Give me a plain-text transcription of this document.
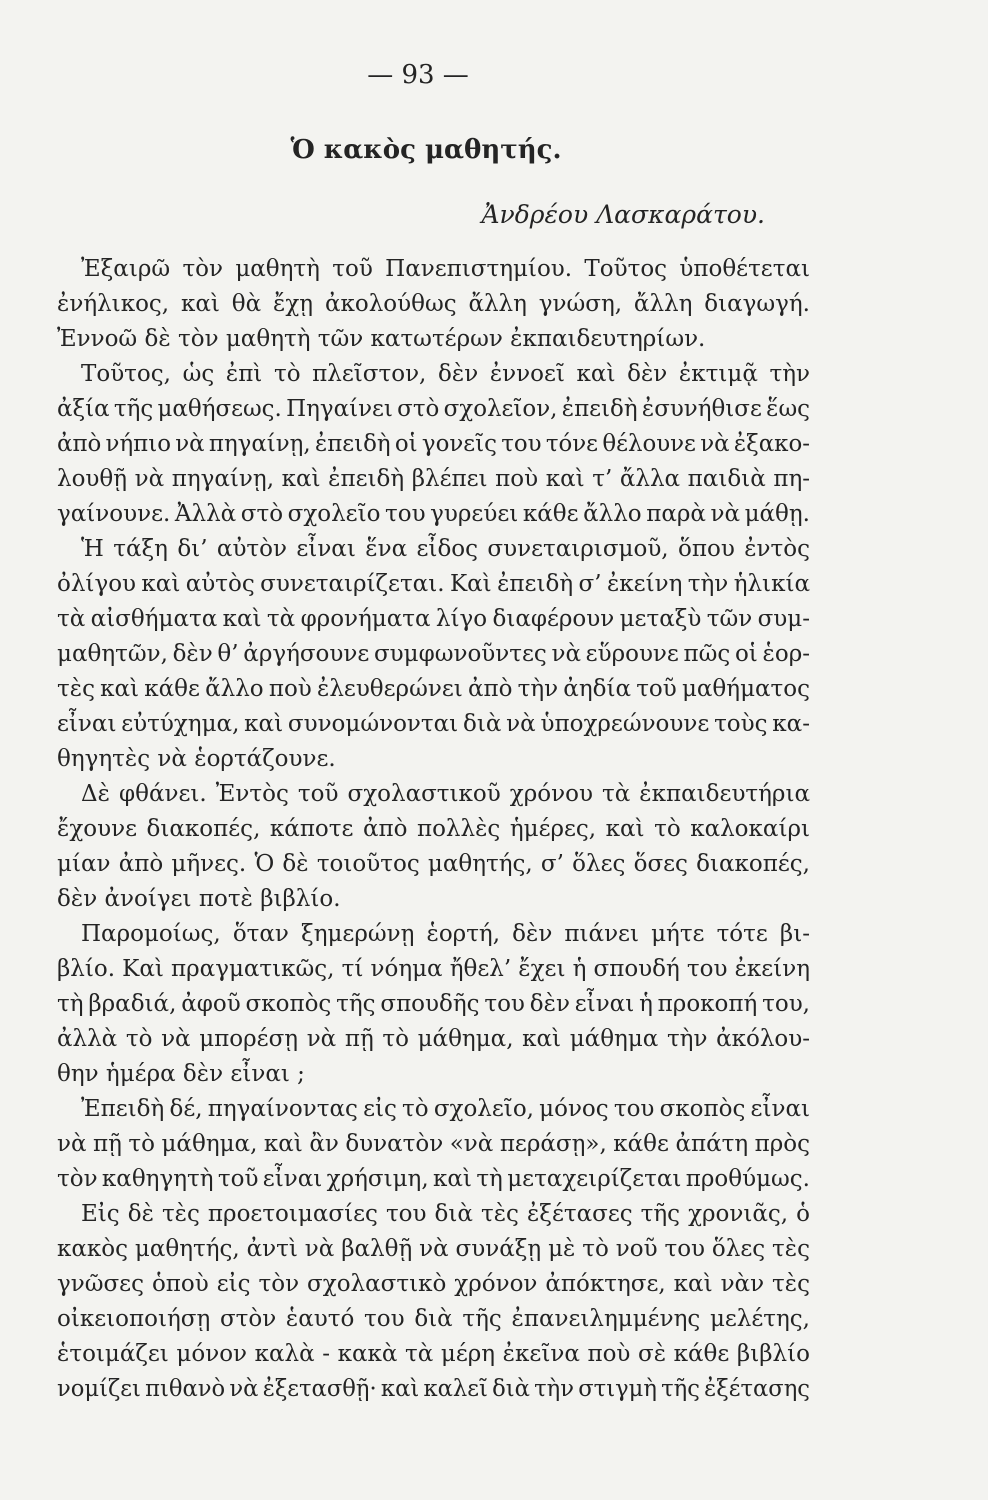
— 93 —
Ὁ κακὸς μαθητής.
Ἀνδρέου Λασκαράτου.
Ἐξαιρῶ τὸν μαθητὴ τοῦ Πανεπιστημίου. Τοῦτος ὑποθέτεται
ἐνήλικος, καὶ θὰ ἔχῃ ἀκολούθως ἄλλη γνώση, ἄλλη διαγωγή.
Ἐννοῶ δὲ τὸν μαθητὴ τῶν κατωτέρων ἐκπαιδευτηρίων.
Τοῦτος, ὡς ἐπὶ τὸ πλεῖστον, δὲν ἐννοεῖ καὶ δὲν ἐκτιμᾷ τὴν
ἀξία τῆς μαθήσεως. Πηγαίνει στὸ σχολεῖον, ἐπειδὴ ἐσυνήθισε ἕως
ἀπὸ νήπιο νὰ πηγαίνῃ, ἐπειδὴ οἱ γονεῖς του τόνε θέλουνε νὰ ἐξακο-
λουθῇ νὰ πηγαίνῃ, καὶ ἐπειδὴ βλέπει ποὺ καὶ τ’ ἄλλα παιδιὰ πη-
γαίνουνε. Ἀλλὰ στὸ σχολεῖο του γυρεύει κάθε ἄλλο παρὰ νὰ μάθῃ.
Ἡ τάξη δι’ αὐτὸν εἶναι ἕνα εἶδος συνεταιρισμοῦ, ὅπου ἐντὸς
ὀλίγου καὶ αὐτὸς συνεταιρίζεται. Καὶ ἐπειδὴ σ’ ἐκείνη τὴν ἡλικία
τὰ αἰσθήματα καὶ τὰ φρονήματα λίγο διαφέρουν μεταξὺ τῶν συμ-
μαθητῶν, δὲν θ’ ἀργήσουνε συμφωνοῦντες νὰ εὕρουνε πῶς οἱ ἑορ-
τὲς καὶ κάθε ἄλλο ποὺ ἐλευθερώνει ἀπὸ τὴν ἀηδία τοῦ μαθήματος
εἶναι εὐτύχημα, καὶ συνομώνονται διὰ νὰ ὑποχρεώνουνε τοὺς κα-
θηγητὲς νὰ ἑορτάζουνε.
Δὲ φθάνει. Ἐντὸς τοῦ σχολαστικοῦ χρόνου τὰ ἐκπαιδευτήρια
ἔχουνε διακοπές, κάποτε ἀπὸ πολλὲς ἡμέρες, καὶ τὸ καλοκαίρι
μίαν ἀπὸ μῆνες. Ὁ δὲ τοιοῦτος μαθητής, σ’ ὅλες ὅσες διακοπές,
δὲν ἀνοίγει ποτὲ βιβλίο.
Παρομοίως, ὅταν ξημερώνῃ ἑορτή, δὲν πιάνει μήτε τότε βι-
βλίο. Καὶ πραγματικῶς, τί νόημα ἤθελ’ ἔχει ἡ σπουδή του ἐκείνη
τὴ βραδιά, ἀφοῦ σκοπὸς τῆς σπουδῆς του δὲν εἶναι ἡ προκοπή του,
ἀλλὰ τὸ νὰ μπορέσῃ νὰ πῇ τὸ μάθημα, καὶ μάθημα τὴν ἀκόλου-
θην ἡμέρα δὲν εἶναι ;
Ἐπειδὴ δέ, πηγαίνοντας εἰς τὸ σχολεῖο, μόνος του σκοπὸς εἶναι
νὰ πῇ τὸ μάθημα, καὶ ἂν δυνατὸν «νὰ περάσῃ», κάθε ἀπάτη πρὸς
τὸν καθηγητὴ τοῦ εἶναι χρήσιμη, καὶ τὴ μεταχειρίζεται προθύμως.
Εἰς δὲ τὲς προετοιμασίες του διὰ τὲς ἐξέτασες τῆς χρονιᾶς, ὁ
κακὸς μαθητής, ἀντὶ νὰ βαλθῇ νὰ συνάξῃ μὲ τὸ νοῦ του ὅλες τὲς
γνῶσες ὁποὺ εἰς τὸν σχολαστικὸ χρόνον ἀπόκτησε, καὶ νὰν τὲς
οἰκειοποιήσῃ στὸν ἑαυτό του διὰ τῆς ἐπανειλημμένης μελέτης,
ἑτοιμάζει μόνον καλὰ - κακὰ τὰ μέρη ἐκεῖνα ποὺ σὲ κάθε βιβλίο
νομίζει πιθανὸ νὰ ἐξετασθῇ· καὶ καλεῖ διὰ τὴν στιγμὴ τῆς ἐξέτασης
